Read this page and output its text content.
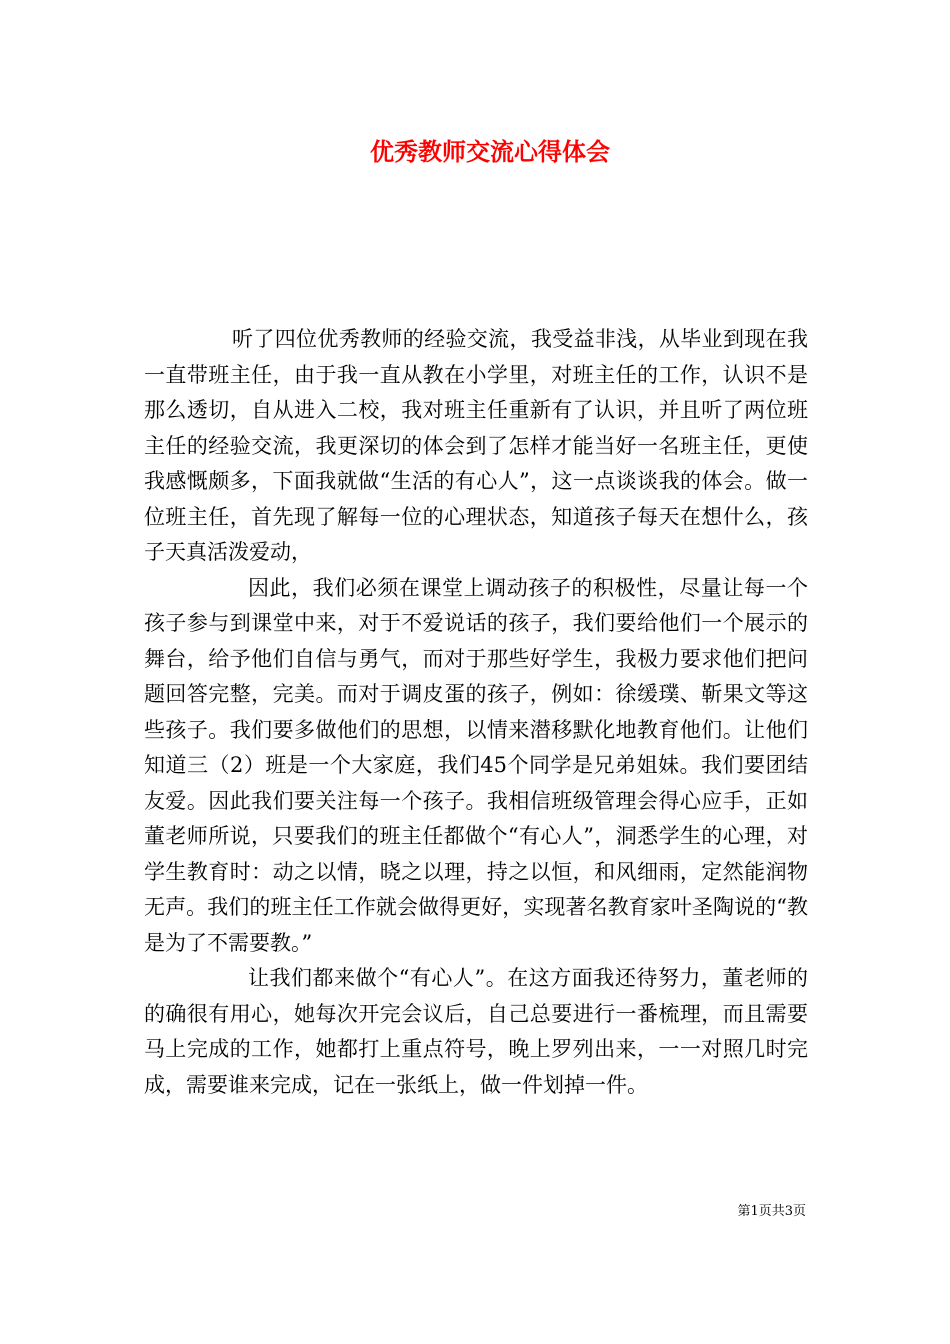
优秀教师交流心得体会

听了四位优秀教师的经验交流，我受益非浅，从毕业到现在我一直带班主任，由于我一直从教在小学里，对班主任的工作，认识不是那么透切，自从进入二校，我对班主任重新有了认识，并且听了两位班主任的经验交流，我更深切的体会到了怎样才能当好一名班主任，更使我感慨颇多，下面我就做“生活的有心人”，这一点谈谈我的体会。做一位班主任，首先现了解每一位的心理状态，知道孩子每天在想什么，孩子天真活泼爱动，

因此，我们必须在课堂上调动孩子的积极性，尽量让每一个孩子参与到课堂中来，对于不爱说话的孩子，我们要给他们一个展示的舞台，给予他们自信与勇气，而对于那些好学生，我极力要求他们把问题回答完整，完美。而对于调皮蛋的孩子，例如：徐缓璞、靳果文等这些孩子。我们要多做他们的思想，以情来潜移默化地教育他们。让他们知道三（2）班是一个大家庭，我们45个同学是兄弟姐妹。我们要团结友爱。因此我们要关注每一个孩子。我相信班级管理会得心应手，正如董老师所说，只要我们的班主任都做个“有心人”，洞悉学生的心理，对学生教育时：动之以情，晓之以理，持之以恒，和风细雨，定然能润物无声。我们的班主任工作就会做得更好，实现著名教育家叶圣陶说的“教是为了不需要教。”

让我们都来做个“有心人”。在这方面我还待努力，董老师的的确很有用心，她每次开完会议后，自己总要进行一番梳理，而且需要马上完成的工作，她都打上重点符号，晚上罗列出来，一一对照几时完成，需要谁来完成，记在一张纸上，做一件划掉一件。

第1页共3页
